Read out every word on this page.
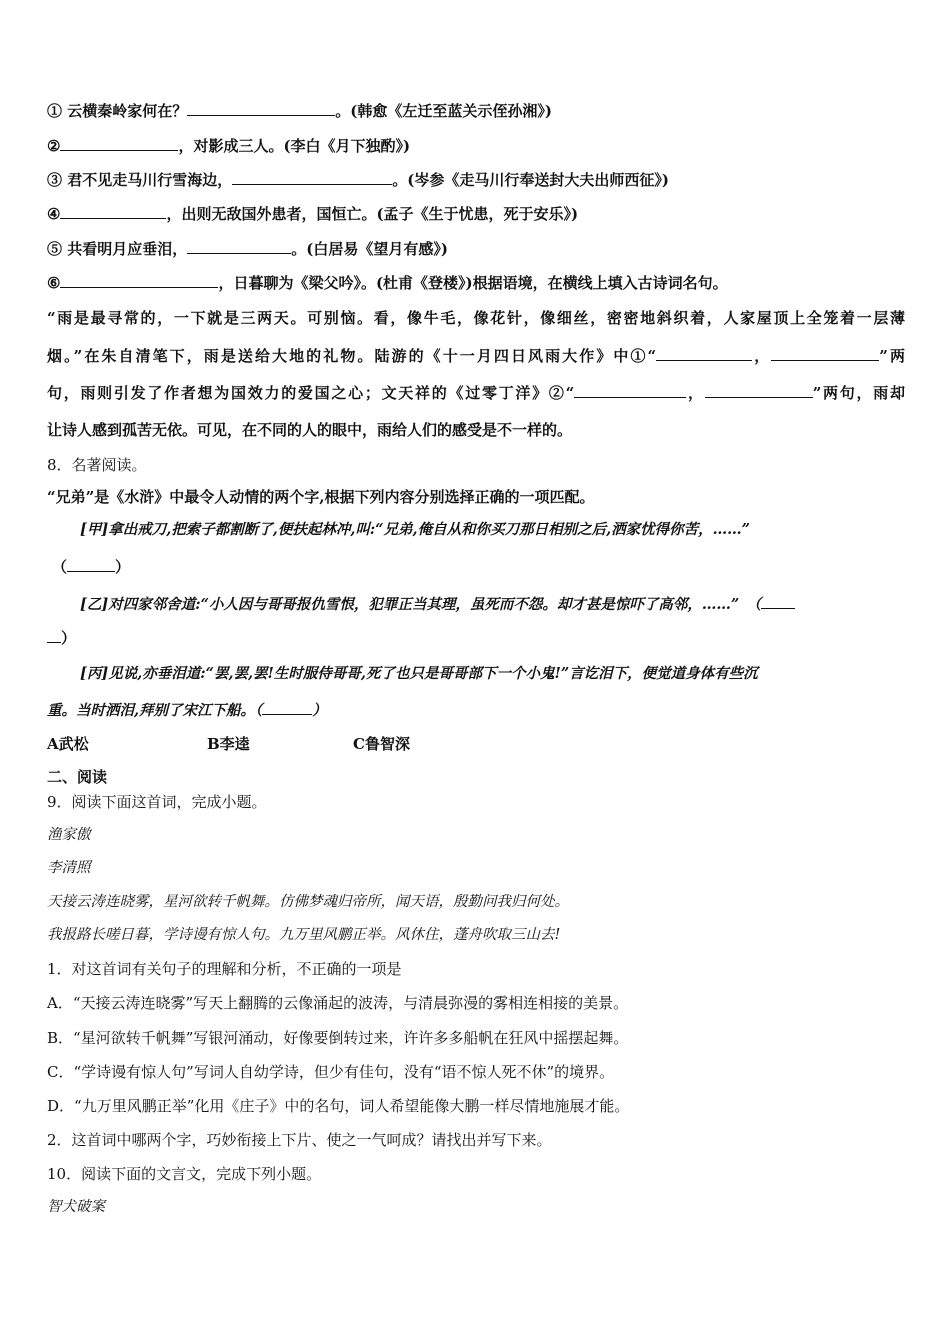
① 云横秦岭家何在？	。(韩愈《左迁至蓝关示侄孙湘》)
②	，对影成三人。(李白《月下独酌》)
③ 君不见走马川行雪海边，	。(岑参《走马川行奉送封大夫出师西征》)
④	，出则无敌国外患者，国恒亡。(孟子《生于忧患，死于安乐》)
⑤ 共看明月应垂泪，	。(白居易《望月有感》)
⑥	，日暮聊为《梁父吟》。(杜甫《登楼》)根据语境，在横线上填入古诗词名句。
“雨是最寻常的，一下就是三两天。可别恼。看，像牛毛，像花针，像细丝，密密地斜织着，人家屋顶上全笼着一层薄
烟。”在朱自清笔下，雨是送给大地的礼物。陆游的《十一月四日风雨大作》中①“	，	”两
句，雨则引发了作者想为国效力的爱国之心；文天祥的《过零丁洋》②“	，	”两句，雨却
让诗人感到孤苦无依。可见，在不同的人的眼中，雨给人们的感受是不一样的。
8．名著阅读。
“兄弟”是《水浒》中最令人动情的两个字,根据下列内容分别选择正确的一项匹配。
[甲]拿出戒刀,把索子都割断了,便扶起林冲,叫:“兄弟,俺自从和你买刀那日相别之后,洒家忧得你苦，……”
（	）
[乙]对四家邻舍道:“小人因与哥哥报仇雪恨，犯罪正当其理，虽死而不怨。却才甚是惊吓了高邻，……”　（
）
[丙]见说,亦垂泪道:“罢,罢,罢!生时服侍哥哥,死了也只是哥哥部下一个小鬼!”言讫泪下，便觉道身体有些沉
重。当时洒泪,拜别了宋江下船。（	）
A武松	B李逵	C鲁智深
二、阅读
9．阅读下面这首词，完成小题。
渔家傲
李清照
天接云涛连晓雾，星河欲转千帆舞。仿佛梦魂归帝所，闻天语，殷勤问我归何处。
我报路长嗟日暮，学诗谩有惊人句。九万里风鹏正举。风休住，蓬舟吹取三山去!
1．对这首词有关句子的理解和分析，不正确的一项是
A．“天接云涛连晓雾”写天上翻腾的云像涌起的波涛，与清晨弥漫的雾相连相接的美景。
B．“星河欲转千帆舞”写银河涌动，好像要倒转过来，许许多多船帆在狂风中摇摆起舞。
C．“学诗谩有惊人句”写词人自幼学诗，但少有佳句，没有“语不惊人死不休”的境界。
D．“九万里风鹏正举”化用《庄子》中的名句，词人希望能像大鹏一样尽情地施展才能。
2．这首词中哪两个字，巧妙衔接上下片、使之一气呵成？请找出并写下来。
10．阅读下面的文言文，完成下列小题。
智犬破案
